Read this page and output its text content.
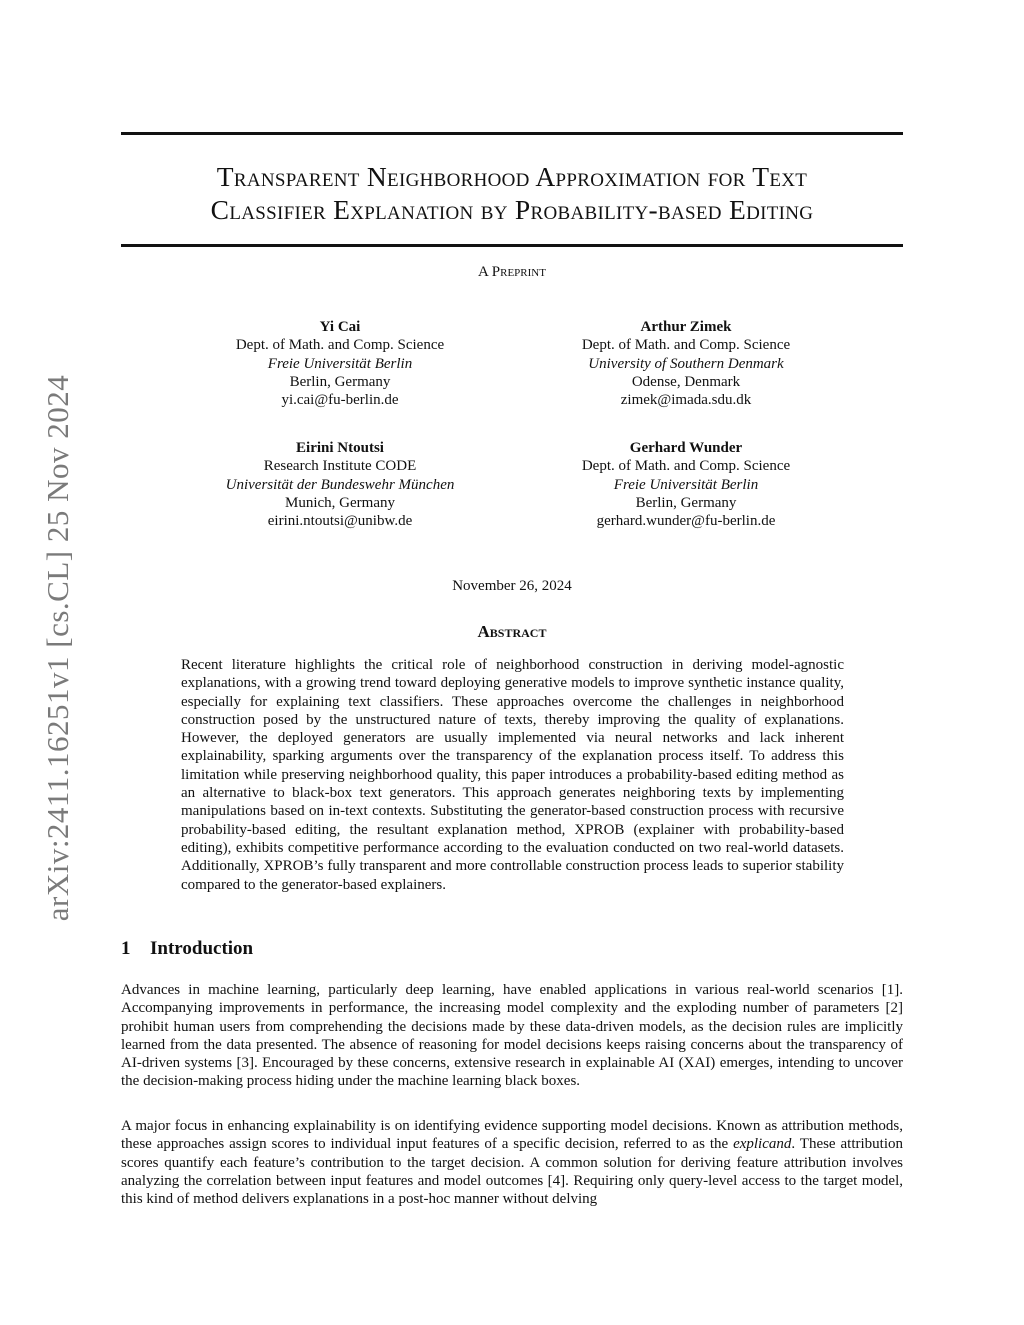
arXiv:2411.16251v1 [cs.CL] 25 Nov 2024
Transparent Neighborhood Approximation for Text
Classifier Explanation by Probability-based Editing
A Preprint
Yi Cai
Dept. of Math. and Comp. Science
Freie Universität Berlin
Berlin, Germany
yi.cai@fu-berlin.de
Arthur Zimek
Dept. of Math. and Comp. Science
University of Southern Denmark
Odense, Denmark
zimek@imada.sdu.dk
Eirini Ntoutsi
Research Institute CODE
Universität der Bundeswehr München
Munich, Germany
eirini.ntoutsi@unibw.de
Gerhard Wunder
Dept. of Math. and Comp. Science
Freie Universität Berlin
Berlin, Germany
gerhard.wunder@fu-berlin.de
November 26, 2024
Abstract
Recent literature highlights the critical role of neighborhood construction in deriving model-agnostic explanations, with a growing trend toward deploying generative models to improve synthetic instance quality, especially for explaining text classifiers. These approaches overcome the challenges in neighborhood construction posed by the unstructured nature of texts, thereby improving the quality of explanations. However, the deployed generators are usually implemented via neural networks and lack inherent explainability, sparking arguments over the transparency of the explanation process itself. To address this limitation while preserving neighborhood quality, this paper introduces a probability-based editing method as an alternative to black-box text generators. This approach generates neighboring texts by implementing manipulations based on in-text contexts. Substituting the generator-based construction process with recursive probability-based editing, the resultant explanation method, XPROB (explainer with probability-based editing), exhibits competitive performance according to the evaluation conducted on two real-world datasets. Additionally, XPROB’s fully transparent and more controllable construction process leads to superior stability compared to the generator-based explainers.
1 Introduction
Advances in machine learning, particularly deep learning, have enabled applications in various real-world scenarios [1]. Accompanying improvements in performance, the increasing model complexity and the exploding number of parameters [2] prohibit human users from comprehending the decisions made by these data-driven models, as the decision rules are implicitly learned from the data presented. The absence of reasoning for model decisions keeps raising concerns about the transparency of AI-driven systems [3]. Encouraged by these concerns, extensive research in explainable AI (XAI) emerges, intending to uncover the decision-making process hiding under the machine learning black boxes.
A major focus in enhancing explainability is on identifying evidence supporting model decisions. Known as attribution methods, these approaches assign scores to individual input features of a specific decision, referred to as the explicand. These attribution scores quantify each feature’s contribution to the target decision. A common solution for deriving feature attribution involves analyzing the correlation between input features and model outcomes [4]. Requiring only query-level access to the target model, this kind of method delivers explanations in a post-hoc manner without delving
